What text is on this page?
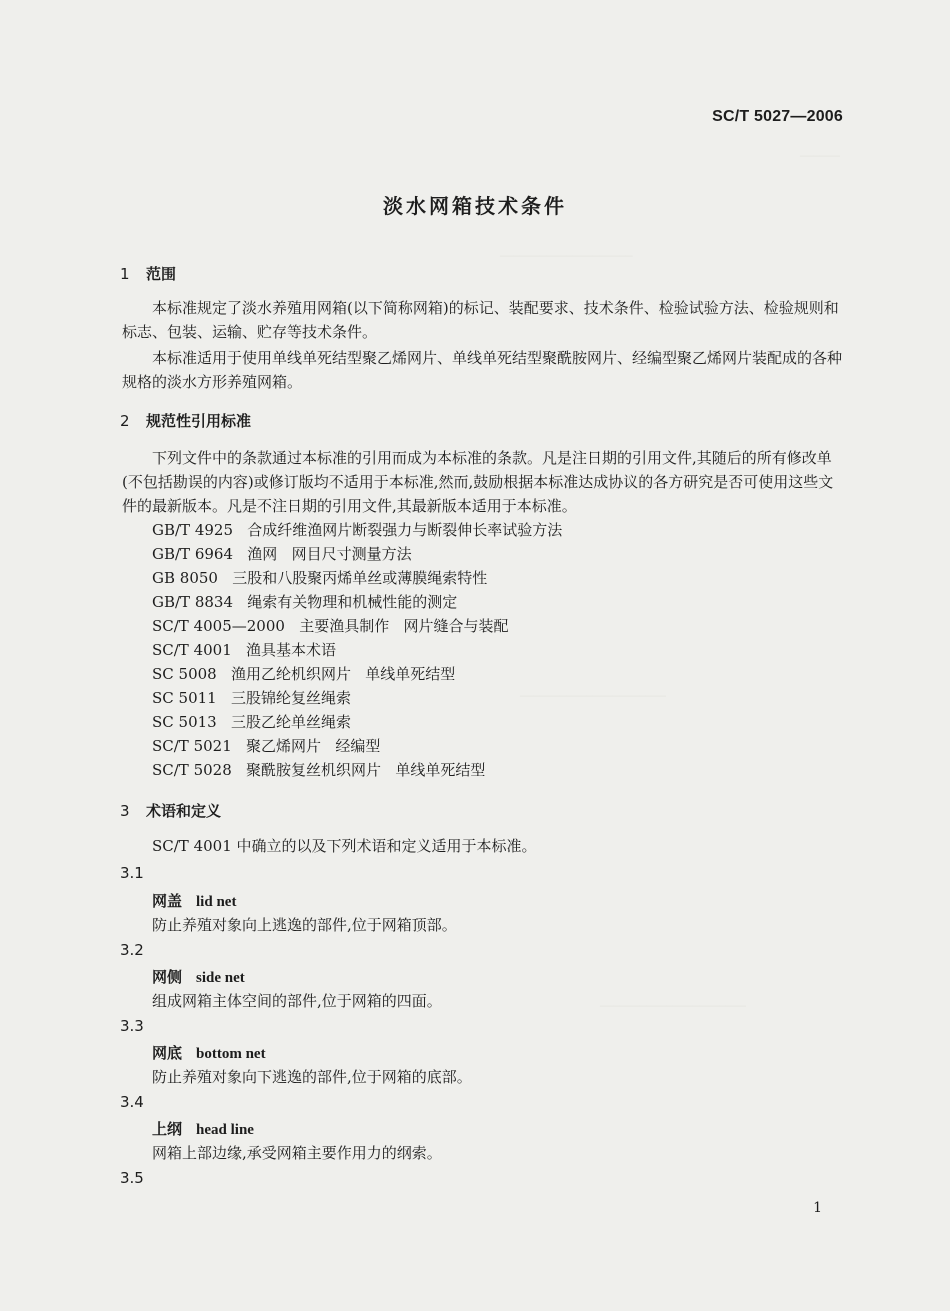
──────
────────────────────
──────────────────────
──────────────────────
SC/T 5027—2006
淡水网箱技术条件
1 范围
本标准规定了淡水养殖用网箱(以下简称网箱)的标记、装配要求、技术条件、检验试验方法、检验规则和标志、包装、运输、贮存等技术条件。
本标准适用于使用单线单死结型聚乙烯网片、单线单死结型聚酰胺网片、经编型聚乙烯网片装配成的各种规格的淡水方形养殖网箱。
2 规范性引用标准
下列文件中的条款通过本标准的引用而成为本标准的条款。凡是注日期的引用文件,其随后的所有修改单(不包括勘误的内容)或修订版均不适用于本标准,然而,鼓励根据本标准达成协议的各方研究是否可使用这些文件的最新版本。凡是不注日期的引用文件,其最新版本适用于本标准。
GB/T 4925   合成纤维渔网片断裂强力与断裂伸长率试验方法
GB/T 6964   渔网   网目尺寸测量方法
GB 8050   三股和八股聚丙烯单丝或薄膜绳索特性
GB/T 8834   绳索有关物理和机械性能的测定
SC/T 4005—2000   主要渔具制作   网片缝合与装配
SC/T 4001   渔具基本术语
SC 5008   渔用乙纶机织网片   单线单死结型
SC 5011   三股锦纶复丝绳索
SC 5013   三股乙纶单丝绳索
SC/T 5021   聚乙烯网片   经编型
SC/T 5028   聚酰胺复丝机织网片   单线单死结型
3 术语和定义
SC/T 4001 中确立的以及下列术语和定义适用于本标准。
3.1
网盖 lid net
防止养殖对象向上逃逸的部件,位于网箱顶部。
3.2
网侧 side net
组成网箱主体空间的部件,位于网箱的四面。
3.3
网底 bottom net
防止养殖对象向下逃逸的部件,位于网箱的底部。
3.4
上纲 head line
网箱上部边缘,承受网箱主要作用力的纲索。
3.5
1
